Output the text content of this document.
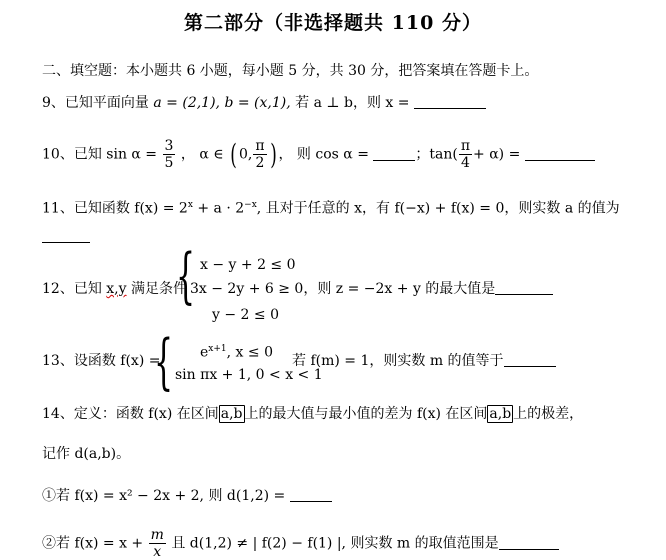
第二部分（非选择题共 110 分）
二、填空题：本小题共 6 小题，每小题 5 分，共 30 分，把答案填在答题卡上。
9、已知平面向量 a = (2,1), b = (x,1), 若 a ⊥ b，则 x =
10、已知 $\sin \alpha = \frac{3}{5}$ ， α ∈ ( 0, $\frac{\pi}{2}$ ) ， 则 cos α =	；$\tan( \frac{\pi}{4} + \alpha)$ =
11、已知函数 $f(x) = 2^x + a \cdot 2^{-x}$, 且对于任意的 x，有 f(−x) + f(x) = 0，则实数 a 的值为
12、已知 x,y 满足条件
{ x − y + 2 ≤ 0
3x − 2y + 6 ≥ 0，则 z = −2x + y 的最大值是
y − 2 ≤ 0
13、设函数 f(x) =
{ $e^{x+1}$, x ≤ 0
sin πx + 1, 0 < x < 1
若 f(m) = 1，则实数 m 的值等于
14、定义：函数 f(x) 在区间 a,b 上的最大值与最小值的差为 f(x) 在区间 a,b 上的极差，
记作 d(a,b)。
①若 f(x) = x² − 2x + 2, 则 d(1,2) =
②若 $f(x) = x + \frac{m}{x}$ 且 d(1,2) ≠ | f(2) − f(1) |, 则实数 m 的取值范围是
